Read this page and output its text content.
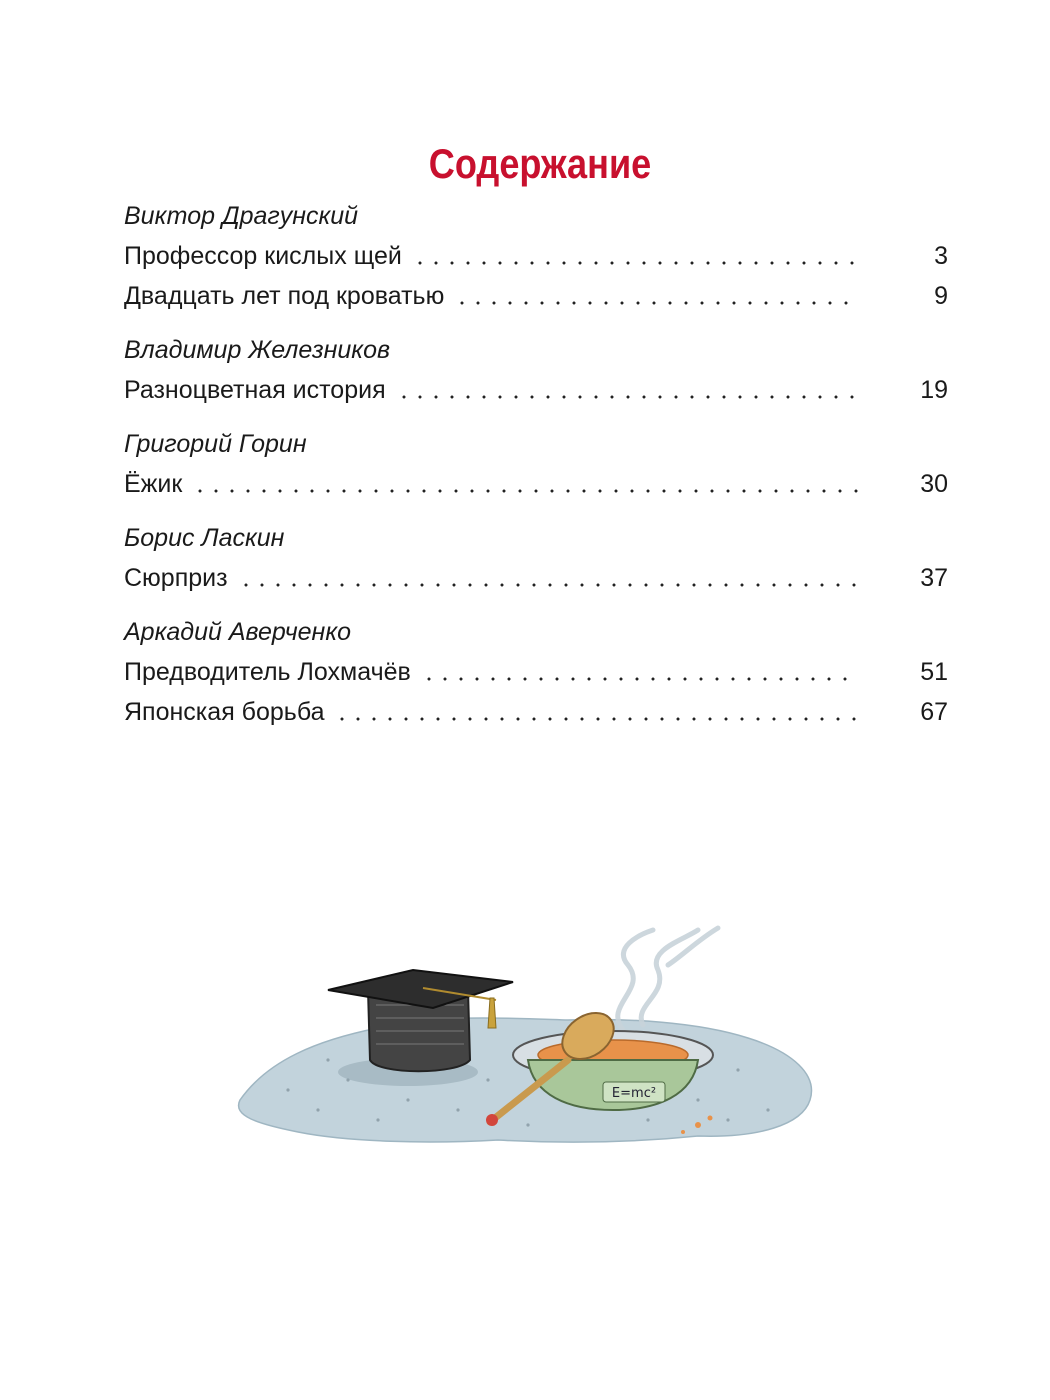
Содержание
Виктор Драгунский
Профессор кислых щей	3
Двадцать лет под кроватью	9
Владимир Железников
Разноцветная история	19
Григорий Горин
Ёжик	30
Борис Ласкин
Сюрприз	37
Аркадий Аверченко
Предводитель Лохмачёв	51
Японская борьба	67
E=mc²
